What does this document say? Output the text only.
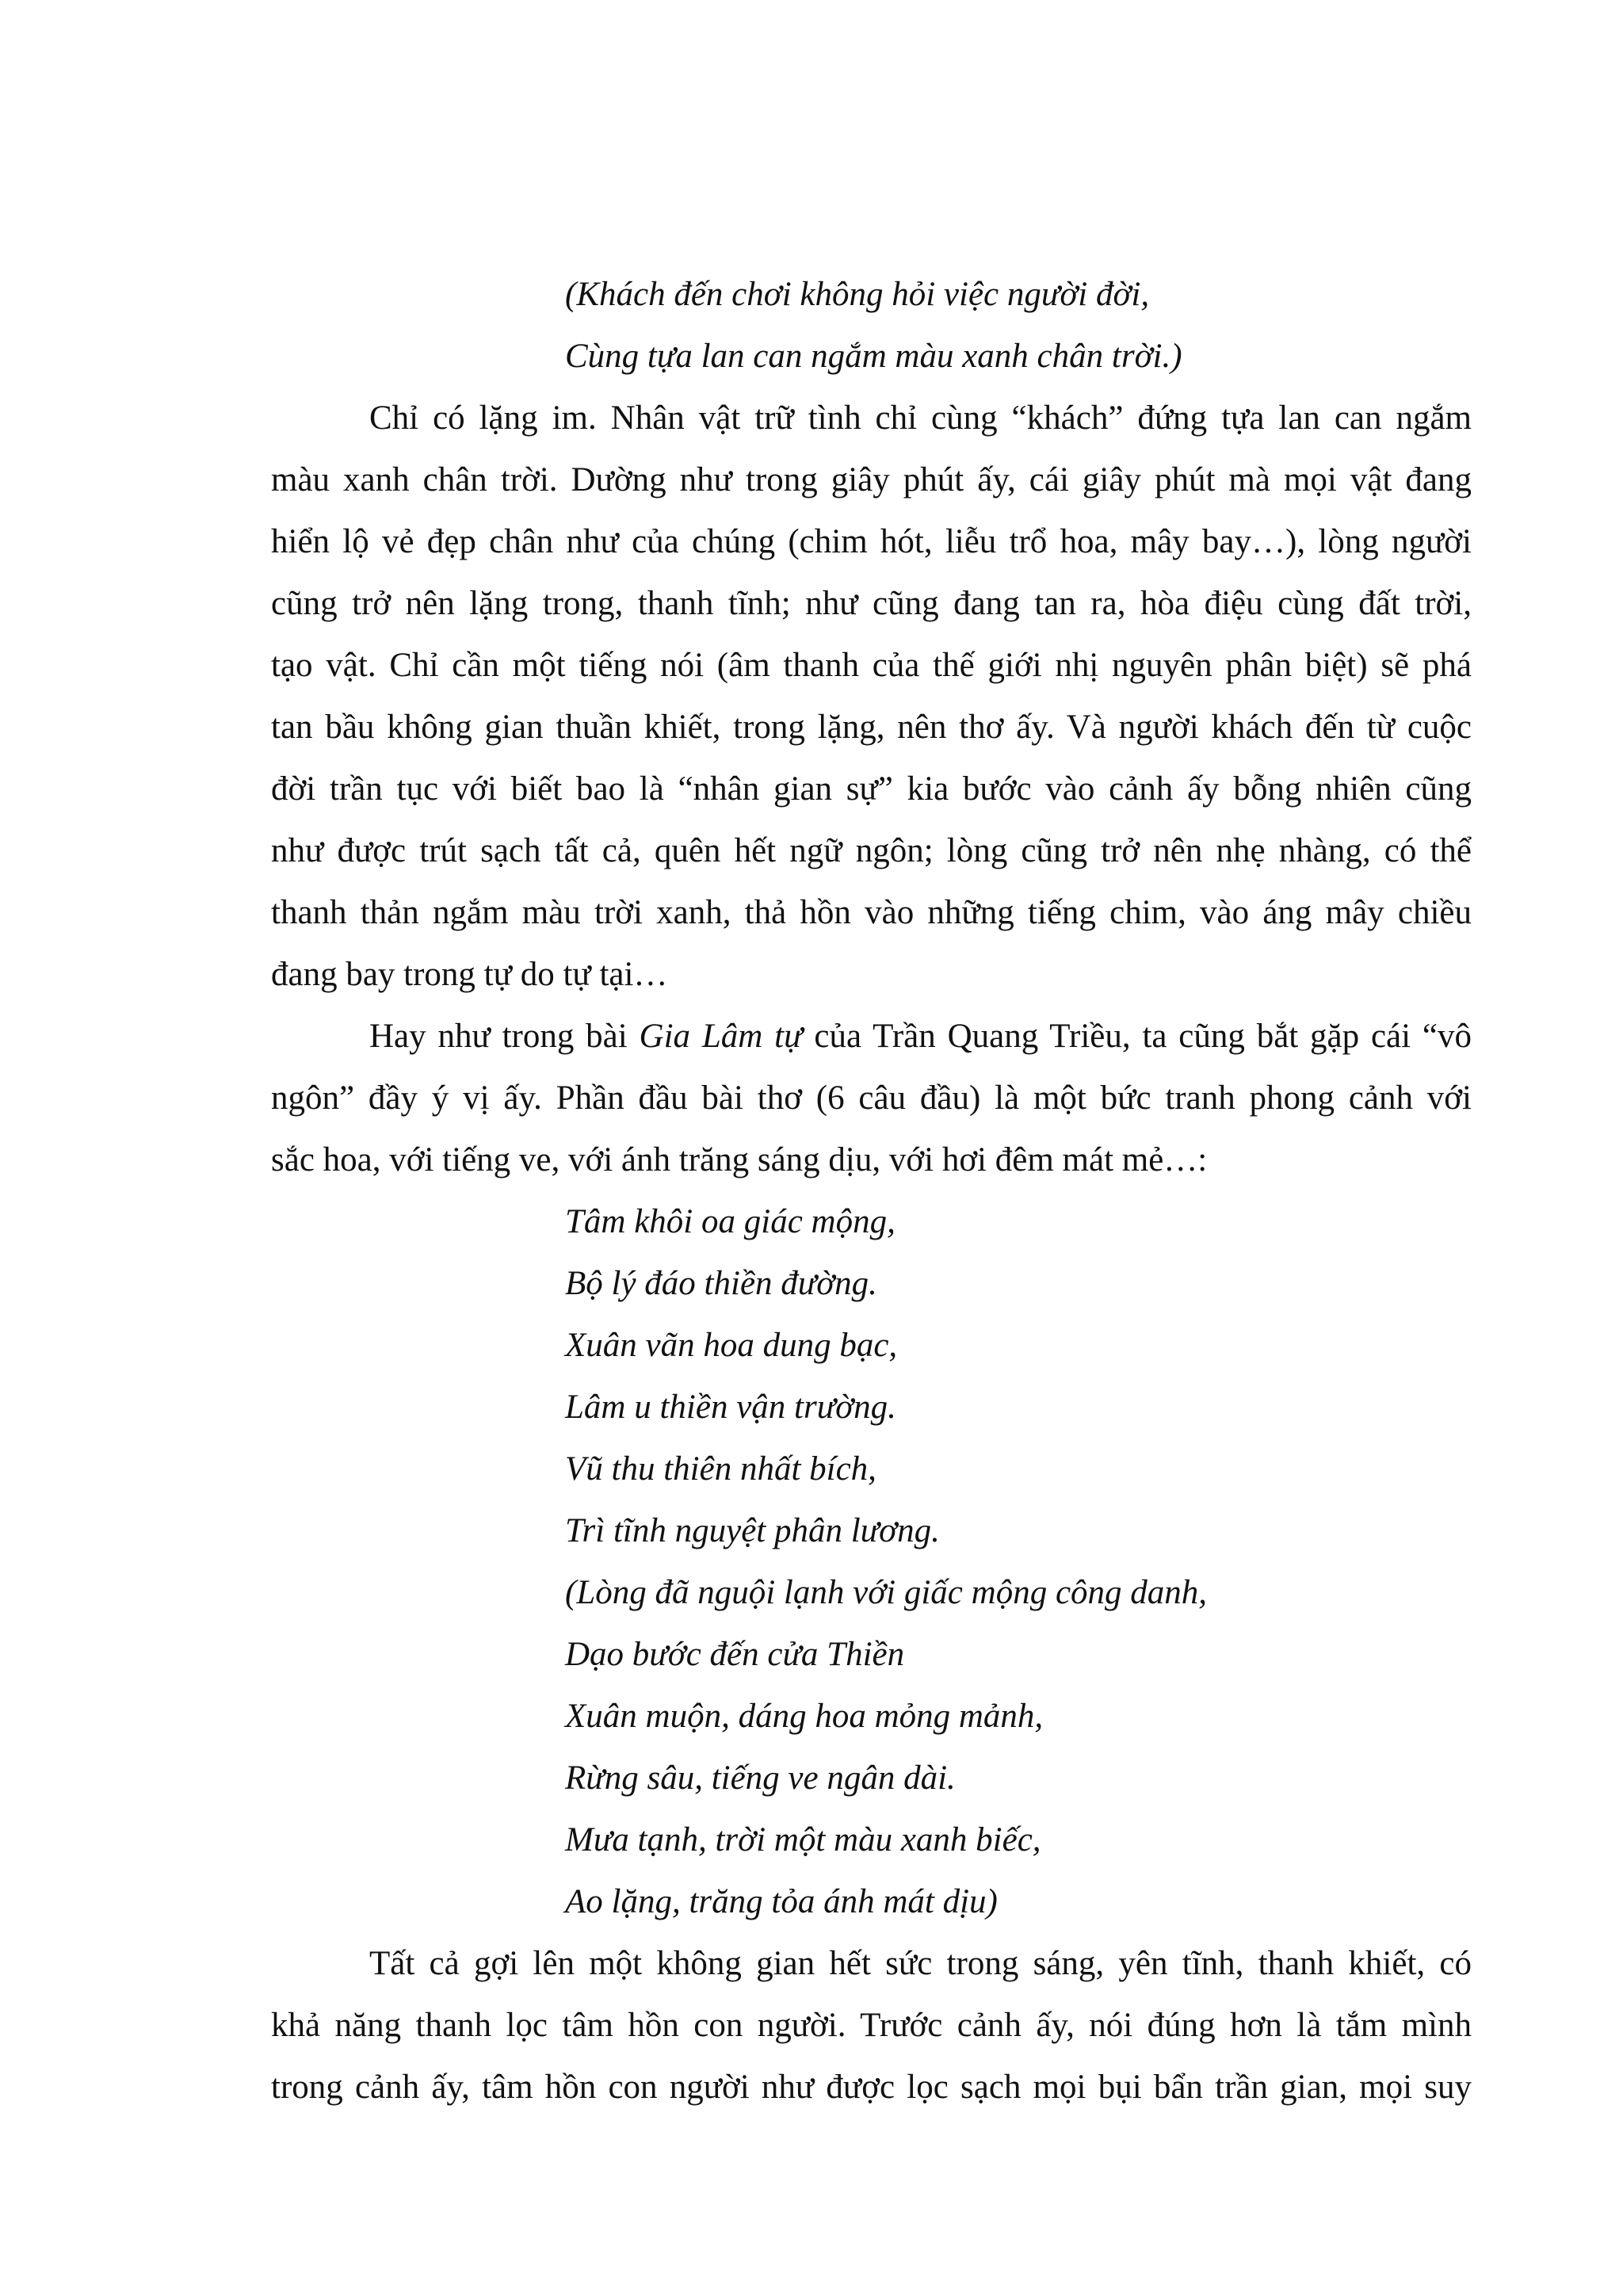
(Khách đến chơi không hỏi việc người đời,
Cùng tựa lan can ngắm màu xanh chân trời.)
Chỉ có lặng im. Nhân vật trữ tình chỉ cùng “khách” đứng tựa lan can ngắm
màu xanh chân trời. Dường như trong giây phút ấy, cái giây phút mà mọi vật đang
hiển lộ vẻ đẹp chân như của chúng (chim hót, liễu trổ hoa, mây bay…), lòng người
cũng trở nên lặng trong, thanh tĩnh; như cũng đang tan ra, hòa điệu cùng đất trời,
tạo vật. Chỉ cần một tiếng nói (âm thanh của thế giới nhị nguyên phân biệt) sẽ phá
tan bầu không gian thuần khiết, trong lặng, nên thơ ấy. Và người khách đến từ cuộc
đời trần tục với biết bao là “nhân gian sự” kia bước vào cảnh ấy bỗng nhiên cũng
như được trút sạch tất cả, quên hết ngữ ngôn; lòng cũng trở nên nhẹ nhàng, có thể
thanh thản ngắm màu trời xanh, thả hồn vào những tiếng chim, vào áng mây chiều
đang bay trong tự do tự tại…
Hay như trong bài Gia Lâm tự của Trần Quang Triều, ta cũng bắt gặp cái “vô
ngôn” đầy ý vị ấy. Phần đầu bài thơ (6 câu đầu) là một bức tranh phong cảnh với
sắc hoa, với tiếng ve, với ánh trăng sáng dịu, với hơi đêm mát mẻ…:
Tâm khôi oa giác mộng,
Bộ lý đáo thiền đường.
Xuân vãn hoa dung bạc,
Lâm u thiền vận trường.
Vũ thu thiên nhất bích,
Trì tĩnh nguyệt phân lương.
(Lòng đã nguội lạnh với giấc mộng công danh,
Dạo bước đến cửa Thiền
Xuân muộn, dáng hoa mỏng mảnh,
Rừng sâu, tiếng ve ngân dài.
Mưa tạnh, trời một màu xanh biếc,
Ao lặng, trăng tỏa ánh mát dịu)
Tất cả gợi lên một không gian hết sức trong sáng, yên tĩnh, thanh khiết, có
khả năng thanh lọc tâm hồn con người. Trước cảnh ấy, nói đúng hơn là tắm mình
trong cảnh ấy, tâm hồn con người như được lọc sạch mọi bụi bẩn trần gian, mọi suy
